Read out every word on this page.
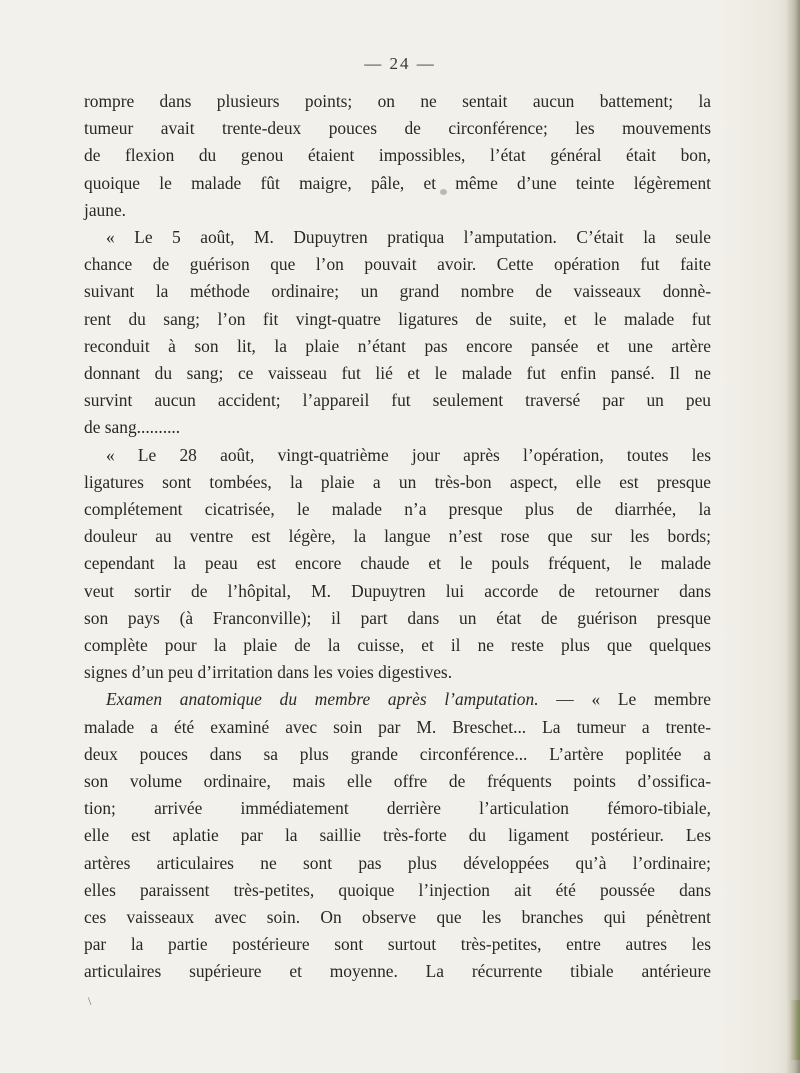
— 24 —
rompre dans plusieurs points; on ne sentait aucun battement; la
tumeur avait trente-deux pouces de circonférence; les mouvements
de flexion du genou étaient impossibles, l’état général était bon,
quoique le malade fût maigre, pâle, et même d’une teinte légèrement
jaune.
« Le 5 août, M. Dupuytren pratiqua l’amputation. C’était la seule
chance de guérison que l’on pouvait avoir. Cette opération fut faite
suivant la méthode ordinaire; un grand nombre de vaisseaux donnè-
rent du sang; l’on fit vingt-quatre ligatures de suite, et le malade fut
reconduit à son lit, la plaie n’étant pas encore pansée et une artère
donnant du sang; ce vaisseau fut lié et le malade fut enfin pansé. Il ne
survint aucun accident; l’appareil fut seulement traversé par un peu
de sang..........
« Le 28 août, vingt-quatrième jour après l’opération, toutes les
ligatures sont tombées, la plaie a un très-bon aspect, elle est presque
complétement cicatrisée, le malade n’a presque plus de diarrhée, la
douleur au ventre est légère, la langue n’est rose que sur les bords;
cependant la peau est encore chaude et le pouls fréquent, le malade
veut sortir de l’hôpital, M. Dupuytren lui accorde de retourner dans
son pays (à Franconville); il part dans un état de guérison presque
complète pour la plaie de la cuisse, et il ne reste plus que quelques
signes d’un peu d’irritation dans les voies digestives.
Examen anatomique du membre après l’amputation. — « Le membre
malade a été examiné avec soin par M. Breschet... La tumeur a trente-
deux pouces dans sa plus grande circonférence... L’artère poplitée a
son volume ordinaire, mais elle offre de fréquents points d’ossifica-
tion; arrivée immédiatement derrière l’articulation fémoro-tibiale,
elle est aplatie par la saillie très-forte du ligament postérieur. Les
artères articulaires ne sont pas plus développées qu’à l’ordinaire;
elles paraissent très-petites, quoique l’injection ait été poussée dans
ces vaisseaux avec soin. On observe que les branches qui pénètrent
par la partie postérieure sont surtout très-petites, entre autres les
articulaires supérieure et moyenne. La récurrente tibiale antérieure
\
